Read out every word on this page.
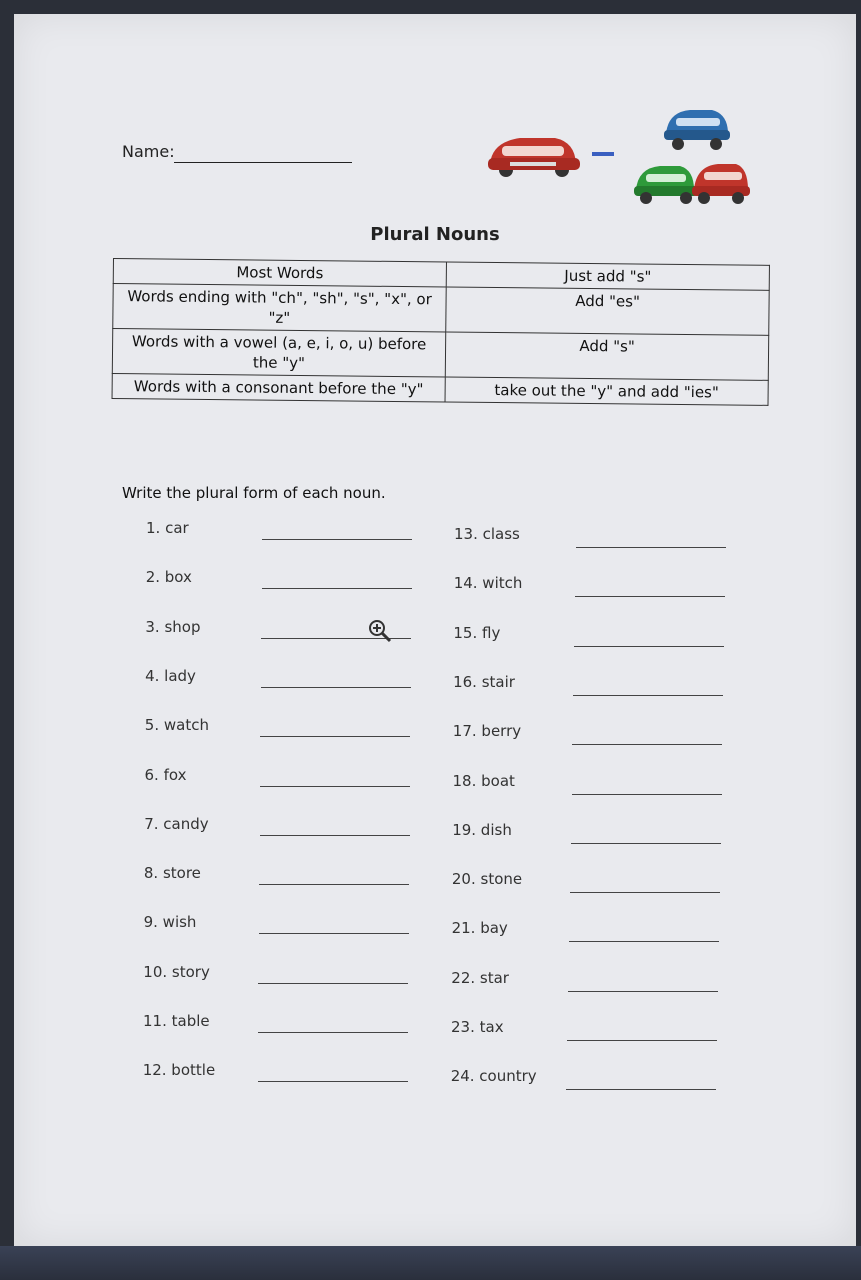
Name:
Plural Nouns
Most Words	Just add "s"
Words ending with "ch", "sh", "s", "x", or "z"	Add "es"
Words with a vowel (a, e, i, o, u) before the "y"	Add "s"
Words with a consonant before the "y"	take out the "y" and add "ies"
Write the plural form of each noun.
1. car
2. box
3. shop
4. lady
5. watch
6. fox
7. candy
8. store
9. wish
10. story
11. table
12. bottle
13. class
14. witch
15. fly
16. stair
17. berry
18. boat
19. dish
20. stone
21. bay
22. star
23. tax
24. country
